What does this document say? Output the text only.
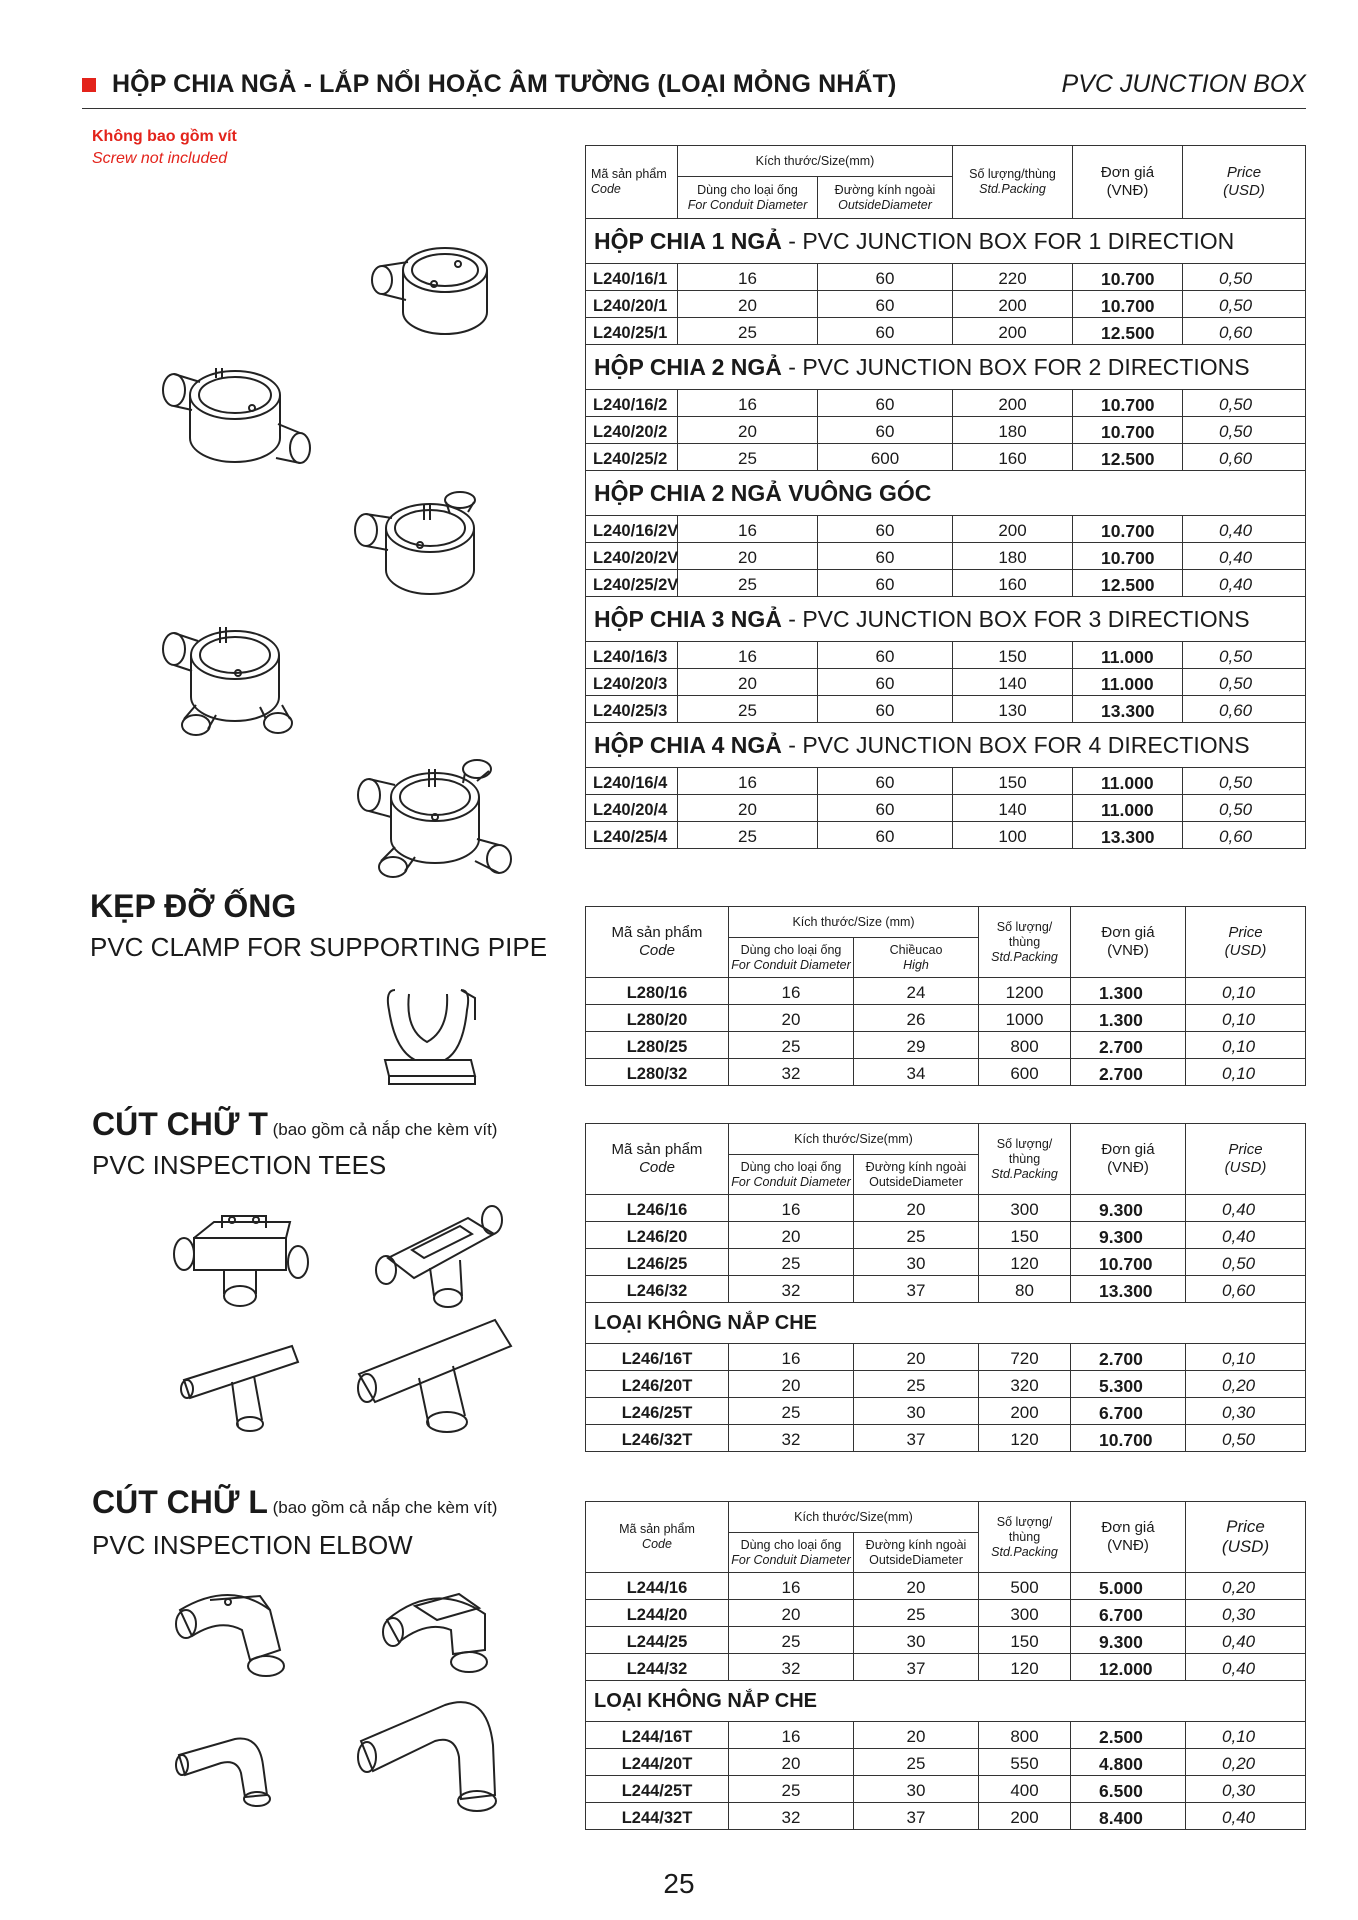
HỘP CHIA NGẢ - LẮP NỔI HOẶC ÂM TƯỜNG (LOẠI MỎNG NHẤT)	PVC JUNCTION BOX
Không bao gồm vít
Screw not included
Mã sản phẩm
Code	Kích thước/Size(mm)		Số lượng/thùng
Std.Packing	Đơn giá
(VNĐ)	Price
(USD)
	Dùng cho loại ống
For Conduit Diameter	Đường kính ngoài
OutsideDiameter			
HỘP CHIA 1 NGẢ - PVC JUNCTION BOX FOR 1 DIRECTION					
L240/16/1	16	60	220	10.700	0,50
L240/20/1	20	60	200	10.700	0,50
L240/25/1	25	60	200	12.500	0,60
HỘP CHIA 2 NGẢ - PVC JUNCTION BOX FOR 2 DIRECTIONS					
L240/16/2	16	60	200	10.700	0,50
L240/20/2	20	60	180	10.700	0,50
L240/25/2	25	600	160	12.500	0,60
HỘP CHIA 2 NGẢ VUÔNG GÓC					
L240/16/2V	16	60	200	10.700	0,40
L240/20/2V	20	60	180	10.700	0,40
L240/25/2V	25	60	160	12.500	0,40
HỘP CHIA 3 NGẢ - PVC JUNCTION BOX FOR 3 DIRECTIONS					
L240/16/3	16	60	150	11.000	0,50
L240/20/3	20	60	140	11.000	0,50
L240/25/3	25	60	130	13.300	0,60
HỘP CHIA 4 NGẢ - PVC JUNCTION BOX FOR 4 DIRECTIONS					
L240/16/4	16	60	150	11.000	0,50
L240/20/4	20	60	140	11.000	0,50
L240/25/4	25	60	100	13.300	0,60
KẸP ĐỠ ỐNG
PVC CLAMP FOR SUPPORTING PIPE	Mã sản phẩm
Code	Kích thước/Size (mm)		Số lượng/
thùng
Std.Packing	Đơn giá
(VNĐ)	Price
(USD)
	Dùng cho loại ống
For Conduit Diameter	Chiềucao
High			
L280/16	16	24	1200	1.300	0,10
L280/20	20	26	1000	1.300	0,10
L280/25	25	29	800	2.700	0,10
L280/32	32	34	600	2.700	0,10
CÚT CHỮ T (bao gồm cả nắp che kèm vít)
PVC INSPECTION TEES
Mã sản phẩm
Code	Kích thước/Size(mm)		Số lượng/
thùng
Std.Packing	Đơn giá
(VNĐ)	Price
(USD)
	Dùng cho loại ống
For Conduit Diameter	Đường kính ngoài
OutsideDiameter			
L246/16	16	20	300	9.300	0,40
L246/20	20	25	150	9.300	0,40
L246/25	25	30	120	10.700	0,50
L246/32	32	37	80	13.300	0,60
LOẠI KHÔNG NẮP CHE					
L246/16T	16	20	720	2.700	0,10
L246/20T	20	25	320	5.300	0,20
L246/25T	25	30	200	6.700	0,30
L246/32T	32	37	120	10.700	0,50
CÚT CHỮ L (bao gồm cả nắp che kèm vít)
PVC INSPECTION ELBOW
Mã sản phẩm
Code	Kích thước/Size(mm)		Số lượng/
thùng
Std.Packing	Đơn giá
(VNĐ)	Price
(USD)
	Dùng cho loại ống
For Conduit Diameter	Đường kính ngoài
OutsideDiameter			
L244/16	16	20	500	5.000	0,20
L244/20	20	25	300	6.700	0,30
L244/25	25	30	150	9.300	0,40
L244/32	32	37	120	12.000	0,40
LOẠI KHÔNG NẮP CHE					
L244/16T	16	20	800	2.500	0,10
L244/20T	20	25	550	4.800	0,20
L244/25T	25	30	400	6.500	0,30
L244/32T	32	37	200	8.400	0,40
25
